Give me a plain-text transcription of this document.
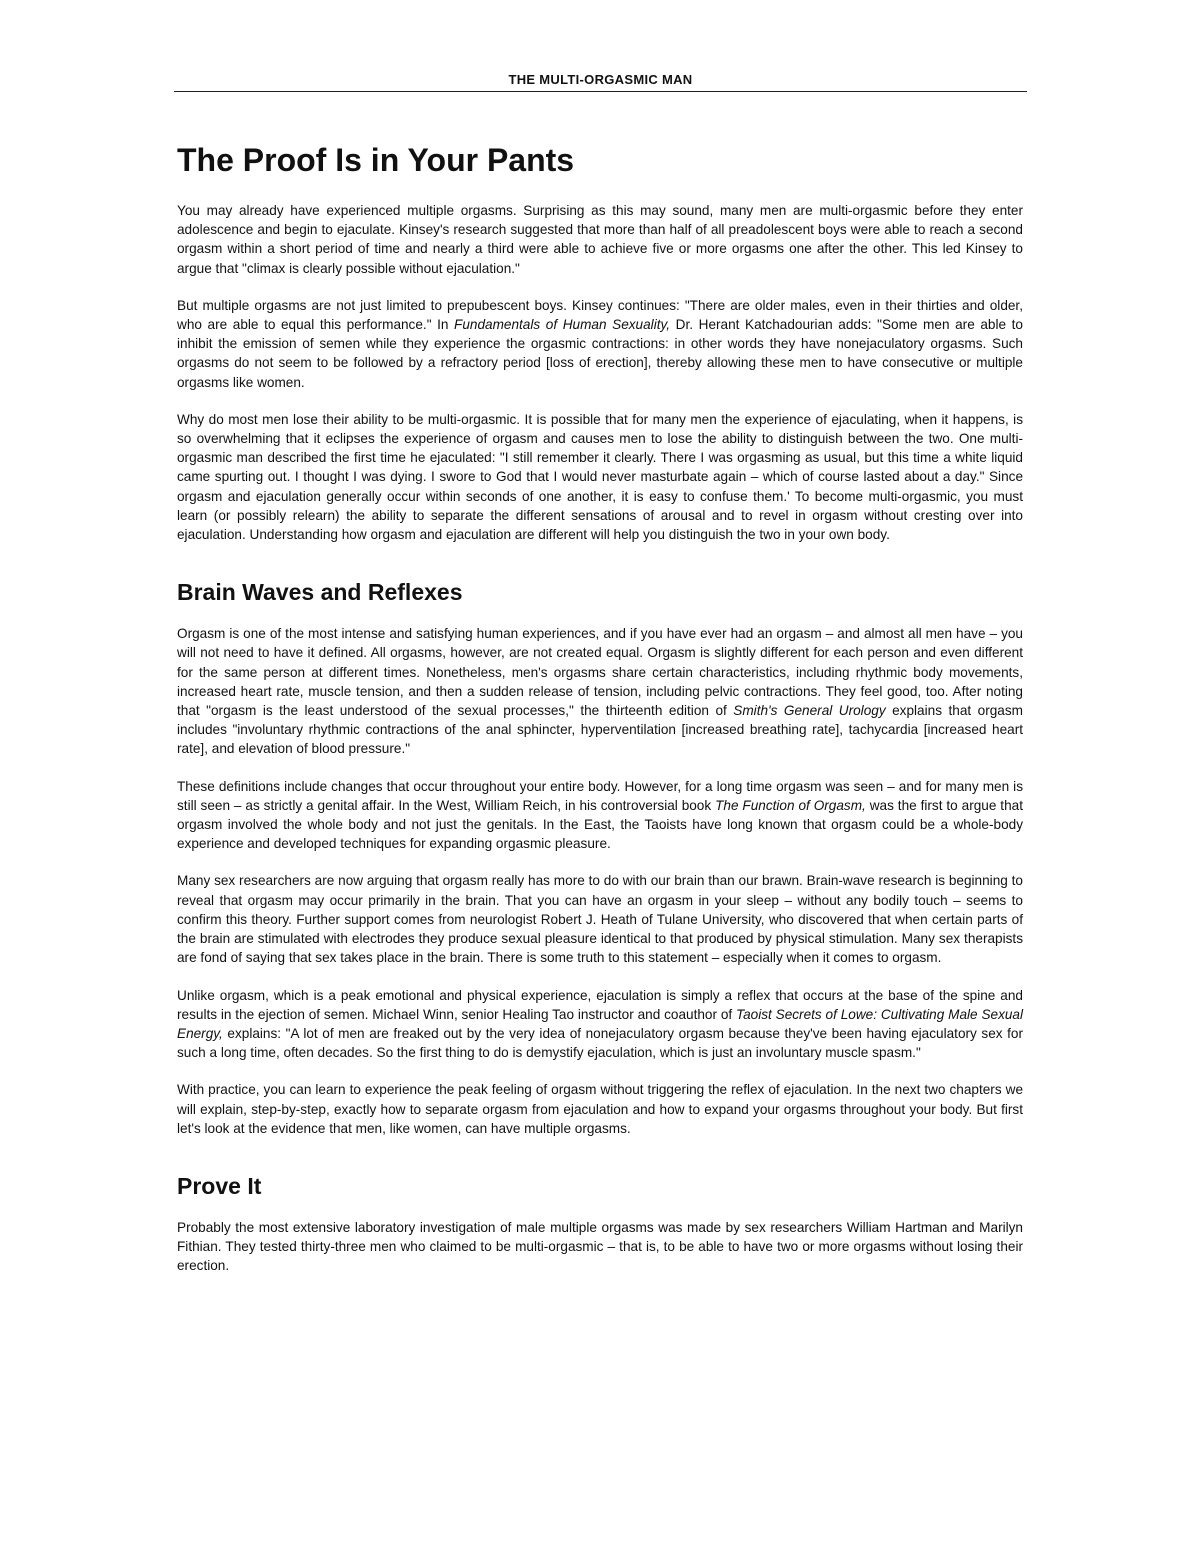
THE MULTI-ORGASMIC MAN
The Proof Is in Your Pants

You may already have experienced multiple orgasms. Surprising as this may sound, many men are multi-orgasmic before they enter adolescence and begin to ejaculate. Kinsey's research suggested that more than half of all preadolescent boys were able to reach a second orgasm within a short period of time and nearly a third were able to achieve five or more orgasms one after the other. This led Kinsey to argue that "climax is clearly possible without ejaculation."

But multiple orgasms are not just limited to prepubescent boys. Kinsey continues: "There are older males, even in their thirties and older, who are able to equal this performance." In Fundamentals of Human Sexuality, Dr. Herant Katchadourian adds: "Some men are able to inhibit the emission of semen while they experience the orgasmic contractions: in other words they have nonejaculatory orgasms. Such orgasms do not seem to be followed by a refractory period [loss of erection], thereby allowing these men to have consecutive or multiple orgasms like women.

Why do most men lose their ability to be multi-orgasmic. It is possible that for many men the experience of ejaculating, when it happens, is so overwhelming that it eclipses the experience of orgasm and causes men to lose the ability to distinguish between the two. One multi-orgasmic man described the first time he ejaculated: "I still remember it clearly. There I was orgasming as usual, but this time a white liquid came spurting out. I thought I was dying. I swore to God that I would never masturbate again – which of course lasted about a day." Since orgasm and ejaculation generally occur within seconds of one another, it is easy to confuse them.' To become multi-orgasmic, you must learn (or possibly relearn) the ability to separate the different sensations of arousal and to revel in orgasm without cresting over into ejaculation. Understanding how orgasm and ejaculation are different will help you distinguish the two in your own body.

Brain Waves and Reflexes

Orgasm is one of the most intense and satisfying human experiences, and if you have ever had an orgasm – and almost all men have – you will not need to have it defined. All orgasms, however, are not created equal. Orgasm is slightly different for each person and even different for the same person at different times. Nonetheless, men's orgasms share certain characteristics, including rhythmic body movements, increased heart rate, muscle tension, and then a sudden release of tension, including pelvic contractions. They feel good, too. After noting that "orgasm is the least understood of the sexual processes," the thirteenth edition of Smith's General Urology explains that orgasm includes "involuntary rhythmic contractions of the anal sphincter, hyperventilation [increased breathing rate], tachycardia [increased heart rate], and elevation of blood pressure."

These definitions include changes that occur throughout your entire body. However, for a long time orgasm was seen – and for many men is still seen – as strictly a genital affair. In the West, William Reich, in his controversial book The Function of Orgasm, was the first to argue that orgasm involved the whole body and not just the genitals. In the East, the Taoists have long known that orgasm could be a whole-body experience and developed techniques for expanding orgasmic pleasure.

Many sex researchers are now arguing that orgasm really has more to do with our brain than our brawn. Brain-wave research is beginning to reveal that orgasm may occur primarily in the brain. That you can have an orgasm in your sleep – without any bodily touch – seems to confirm this theory. Further support comes from neurologist Robert J. Heath of Tulane University, who discovered that when certain parts of the brain are stimulated with electrodes they produce sexual pleasure identical to that produced by physical stimulation. Many sex therapists are fond of saying that sex takes place in the brain. There is some truth to this statement – especially when it comes to orgasm.

Unlike orgasm, which is a peak emotional and physical experience, ejaculation is simply a reflex that occurs at the base of the spine and results in the ejection of semen. Michael Winn, senior Healing Tao instructor and coauthor of Taoist Secrets of Lowe: Cultivating Male Sexual Energy, explains: "A lot of men are freaked out by the very idea of nonejaculatory orgasm because they've been having ejaculatory sex for such a long time, often decades. So the first thing to do is demystify ejaculation, which is just an involuntary muscle spasm."

With practice, you can learn to experience the peak feeling of orgasm without triggering the reflex of ejaculation. In the next two chapters we will explain, step-by-step, exactly how to separate orgasm from ejaculation and how to expand your orgasms throughout your body. But first let's look at the evidence that men, like women, can have multiple orgasms.

Prove It

Probably the most extensive laboratory investigation of male multiple orgasms was made by sex researchers William Hartman and Marilyn Fithian. They tested thirty-three men who claimed to be multi-orgasmic – that is, to be able to have two or more orgasms without losing their erection.
